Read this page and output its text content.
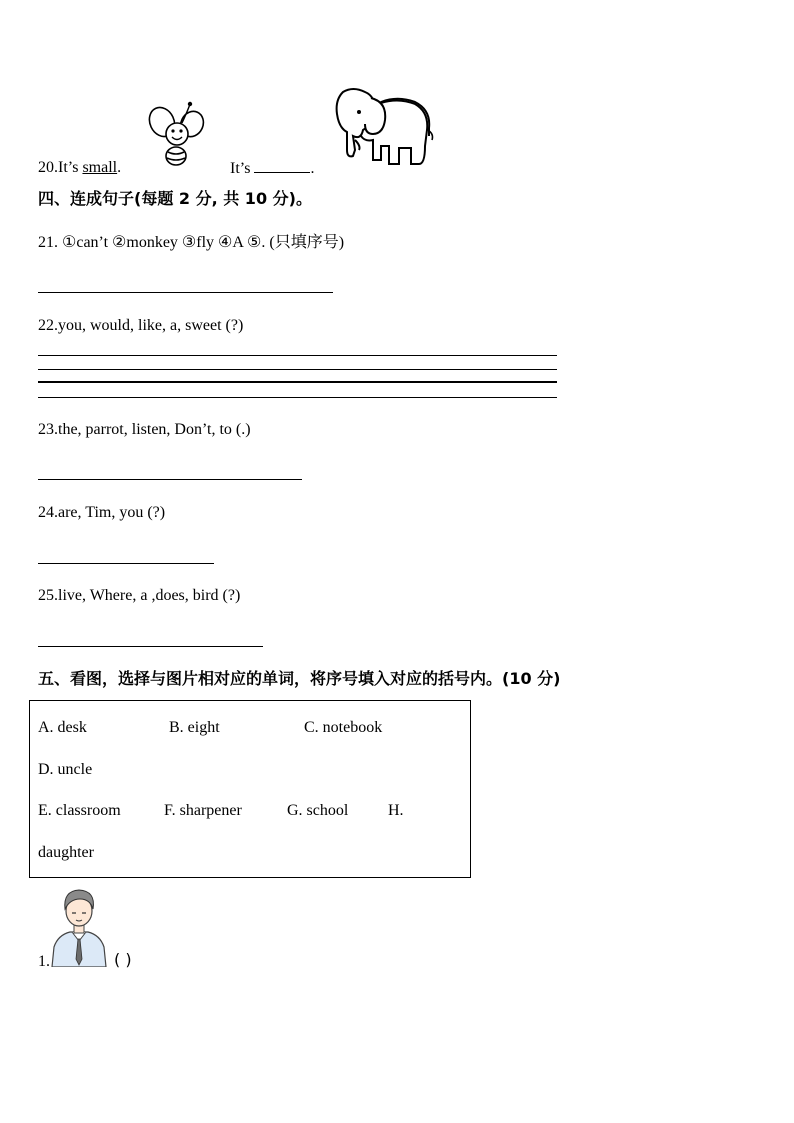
20.It’s small.	It’s	.
四、连成句子(每题 2 分, 共 10 分)。
21. ①can’t ②monkey ③fly ④A ⑤. (只填序号)
22.you, would, like, a, sweet (?)
23.the, parrot, listen, Don’t, to (.)
24.are, Tim, you (?)
25.live, Where, a ,does, bird (?)
五、看图，选择与图片相对应的单词，将序号填入对应的括号内。(10 分)
A. desk	B. eight	C. notebook
D. uncle
E. classroom	F. sharpener	G. school H.
daughter
1.	( )
